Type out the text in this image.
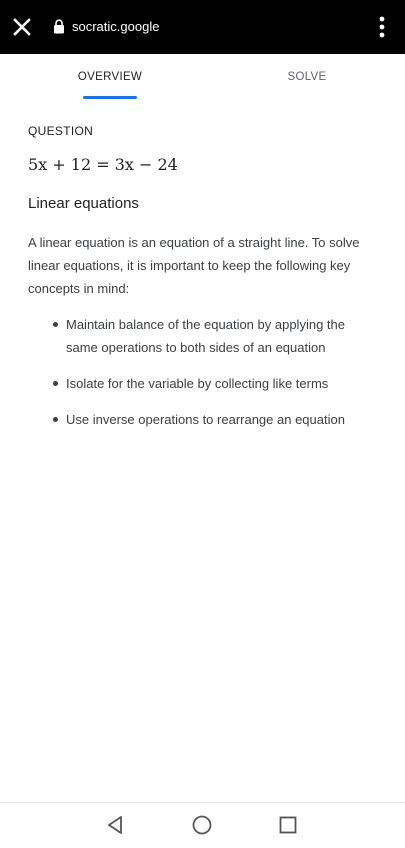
socratic.google
OVERVIEW	SOLVE
QUESTION
5x + 12 = 3x − 24
Linear equations

A linear equation is an equation of a straight line. To solve linear equations, it is important to keep the following key concepts in mind:

Maintain balance of the equation by applying the same operations to both sides of an equation
Isolate for the variable by collecting like terms
Use inverse operations to rearrange an equation
